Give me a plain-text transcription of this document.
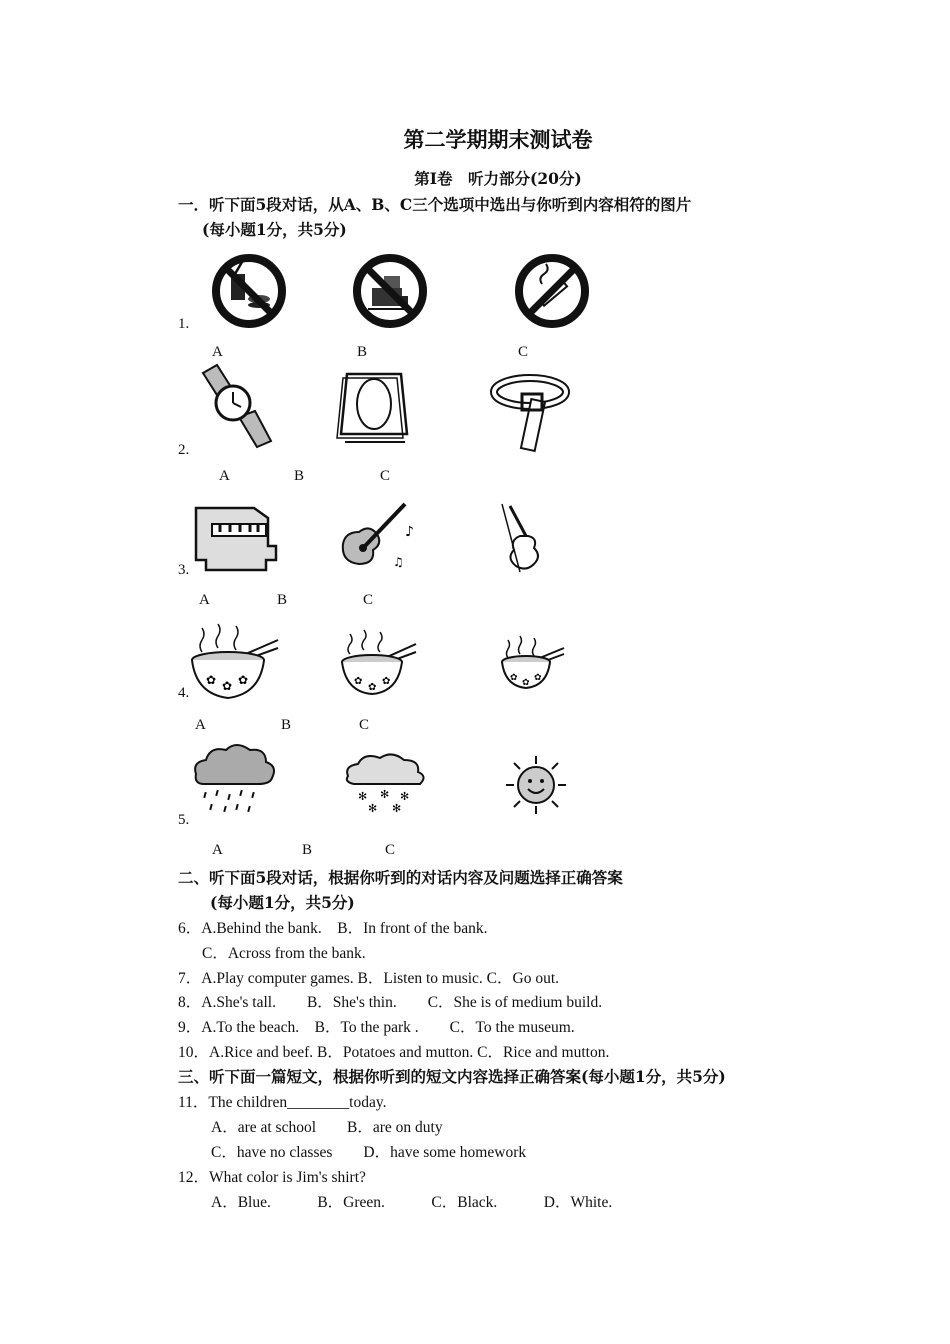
第二学期期末测试卷
第Ⅰ卷　听力部分(20分)
一．听下面5段对话，从A、B、C三个选项中选出与你听到内容相符的图片
(每小题1分，共5分)
1.
A	B	C
2.
A	B	C
3.
♪
♫
A	B	C
4.
✿ ✿ ✿	✿
✿
✿	✿ ✿ ✿
A	B	C
5.
✻ ✻ ✻
✻ ✻
A	B	C
二、听下面5段对话，根据你听到的对话内容及问题选择正确答案
(每小题1分，共5分)
6．A.Behind the bank.　B．In front of the bank.
C．Across from the bank.
7．A.Play computer games. B．Listen to music. C．Go out.
8．A.She's tall.　　B．She's thin.　　C．She is of medium build.
9．A.To the beach.　B．To the park .　　C．To the museum.
10．A.Rice and beef. B．Potatoes and mutton. C．Rice and mutton.
三、听下面一篇短文，根据你听到的短文内容选择正确答案(每小题1分，共5分)
11．The children________today.
A．are at school　　B．are on duty
C．have no classes　　D．have some homework
12．What color is Jim's shirt?
A．Blue.　　　B．Green.　　　C．Black.　　　D．White.
